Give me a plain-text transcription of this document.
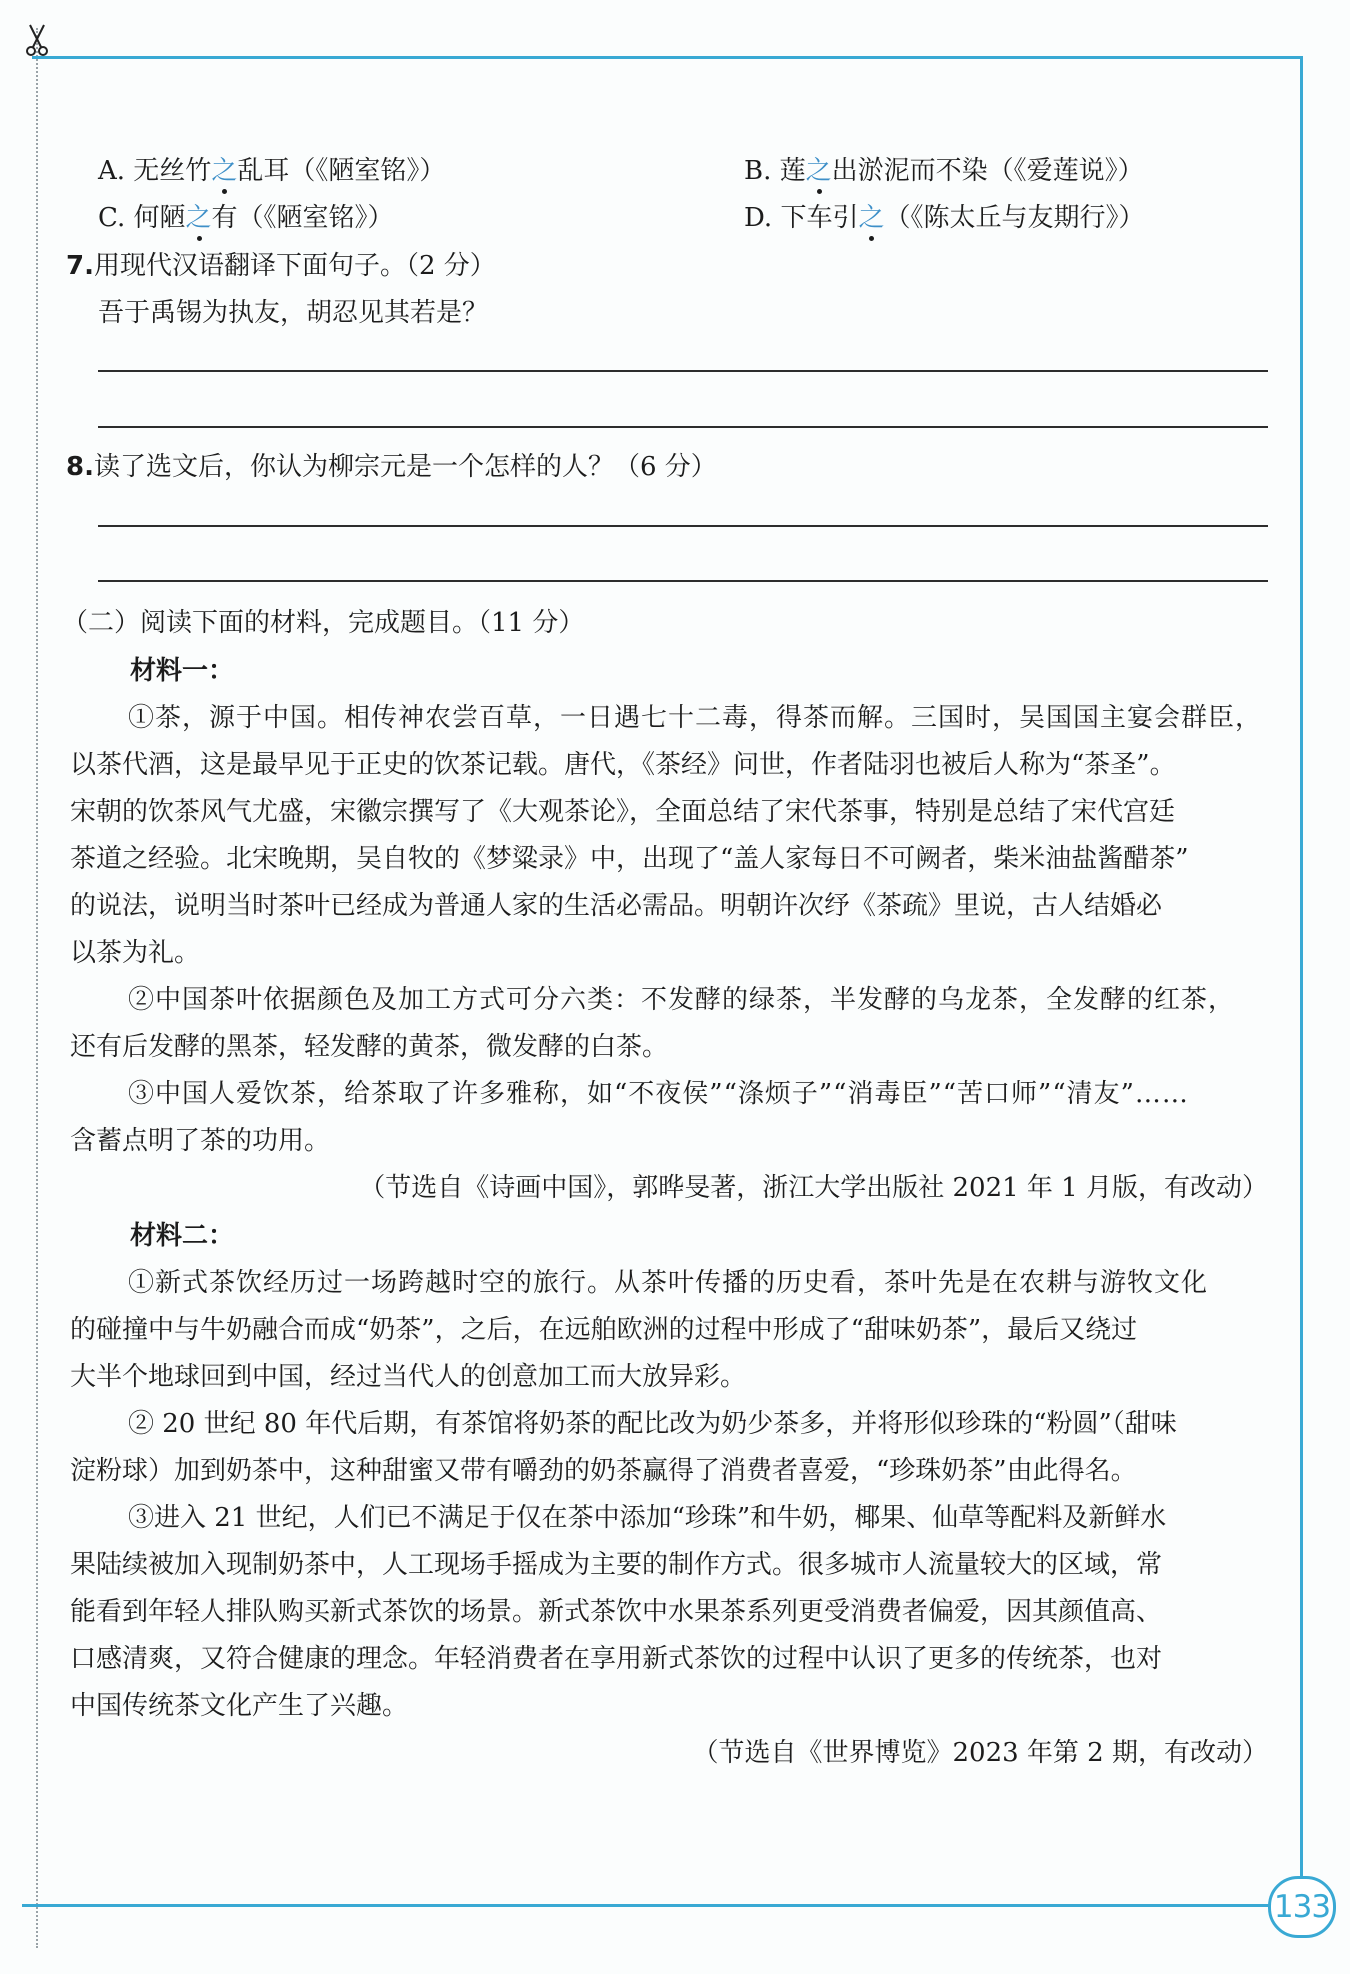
A. 无丝竹之乱耳（《陋室铭》）	B. 莲之出淤泥而不染（《爱莲说》）
C. 何陋之有（《陋室铭》）	D. 下车引之（《陈太丘与友期行》）
7.用现代汉语翻译下面句子。（2 分）
吾于禹锡为执友，胡忍见其若是？
8.读了选文后，你认为柳宗元是一个怎样的人？（6 分）
（二）阅读下面的材料，完成题目。（11 分）
材料一：
①茶，源于中国。相传神农尝百草，一日遇七十二毒，得茶而解。三国时，吴国国主宴会群臣，
以茶代酒，这是最早见于正史的饮茶记载。唐代，《茶经》问世，作者陆羽也被后人称为“茶圣”。
宋朝的饮茶风气尤盛，宋徽宗撰写了《大观茶论》，全面总结了宋代茶事，特别是总结了宋代宫廷
茶道之经验。北宋晚期，吴自牧的《梦粱录》中，出现了“盖人家每日不可阙者，柴米油盐酱醋茶”
的说法，说明当时茶叶已经成为普通人家的生活必需品。明朝许次纾《茶疏》里说，古人结婚必
以茶为礼。
②中国茶叶依据颜色及加工方式可分六类：不发酵的绿茶，半发酵的乌龙茶，全发酵的红茶，
还有后发酵的黑茶，轻发酵的黄茶，微发酵的白茶。
③中国人爱饮茶，给茶取了许多雅称，如“不夜侯”“涤烦子”“消毒臣”“苦口师”“清友”……
含蓄点明了茶的功用。
（节选自《诗画中国》，郭晔旻著，浙江大学出版社 2021 年 1 月版，有改动）
材料二：
①新式茶饮经历过一场跨越时空的旅行。从茶叶传播的历史看，茶叶先是在农耕与游牧文化
的碰撞中与牛奶融合而成“奶茶”，之后，在远舶欧洲的过程中形成了“甜味奶茶”，最后又绕过
大半个地球回到中国，经过当代人的创意加工而大放异彩。
② 20 世纪 80 年代后期，有茶馆将奶茶的配比改为奶少茶多，并将形似珍珠的“粉圆”（甜味
淀粉球）加到奶茶中，这种甜蜜又带有嚼劲的奶茶赢得了消费者喜爱，“珍珠奶茶”由此得名。
③进入 21 世纪，人们已不满足于仅在茶中添加“珍珠”和牛奶，椰果、仙草等配料及新鲜水
果陆续被加入现制奶茶中，人工现场手摇成为主要的制作方式。很多城市人流量较大的区域，常
能看到年轻人排队购买新式茶饮的场景。新式茶饮中水果茶系列更受消费者偏爱，因其颜值高、
口感清爽，又符合健康的理念。年轻消费者在享用新式茶饮的过程中认识了更多的传统茶，也对
中国传统茶文化产生了兴趣。
（节选自《世界博览》2023 年第 2 期，有改动）
133
